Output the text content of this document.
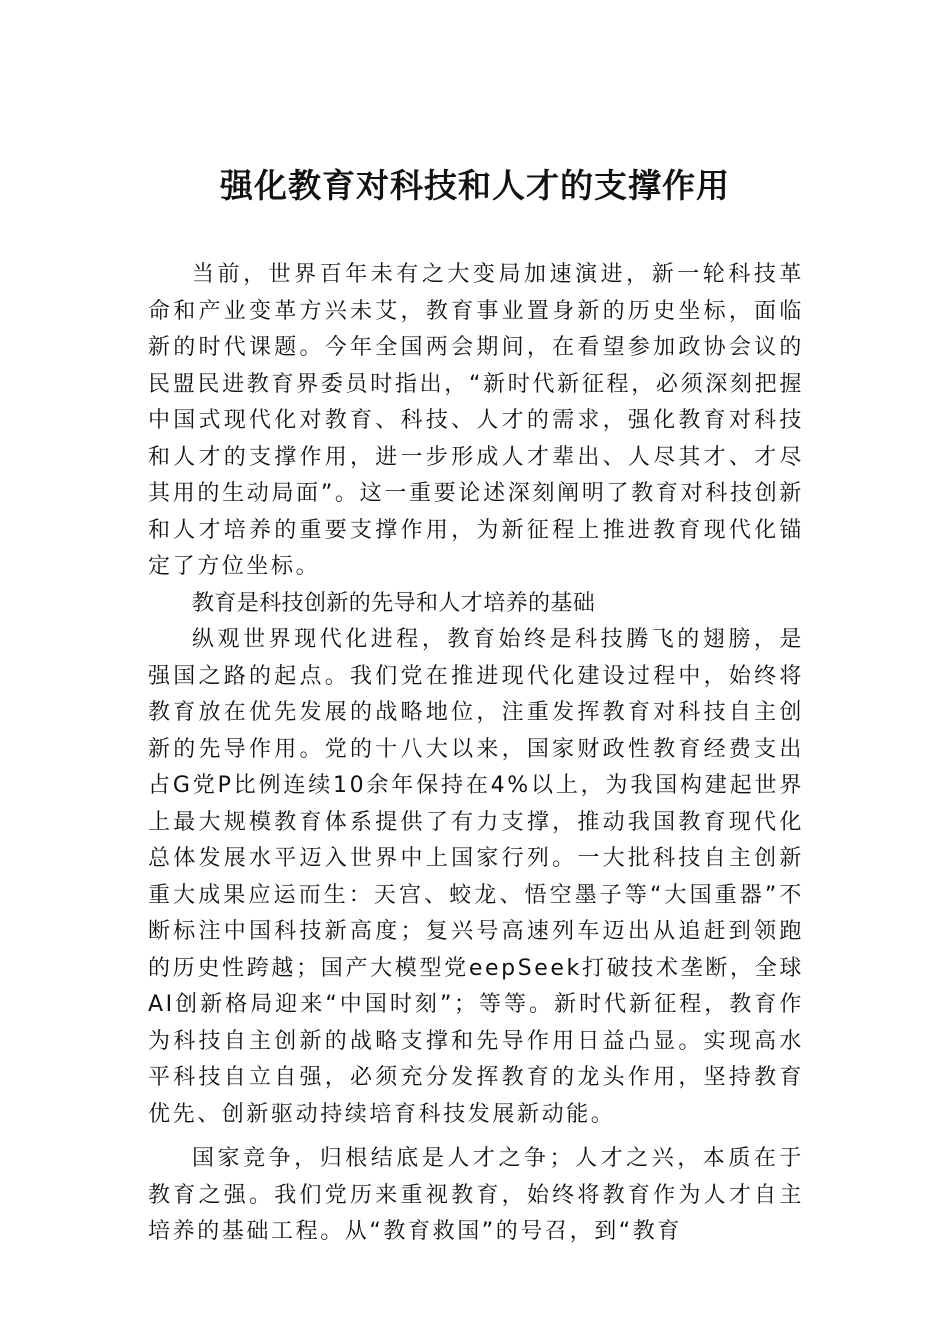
强化教育对科技和人才的支撑作用

当前，世界百年未有之大变局加速演进，新一轮科技革命和产业变革方兴未艾，教育事业置身新的历史坐标，面临新的时代课题。今年全国两会期间，在看望参加政协会议的民盟民进教育界委员时指出，“新时代新征程，必须深刻把握中国式现代化对教育、科技、人才的需求，强化教育对科技和人才的支撑作用，进一步形成人才辈出、人尽其才、才尽其用的生动局面”。这一重要论述深刻阐明了教育对科技创新和人才培养的重要支撑作用，为新征程上推进教育现代化锚定了方位坐标。

教育是科技创新的先导和人才培养的基础

纵观世界现代化进程，教育始终是科技腾飞的翅膀，是强国之路的起点。我们党在推进现代化建设过程中，始终将教育放在优先发展的战略地位，注重发挥教育对科技自主创新的先导作用。党的十八大以来，国家财政性教育经费支出占G党P比例连续10余年保持在4%以上，为我国构建起世界上最大规模教育体系提供了有力支撑，推动我国教育现代化总体发展水平迈入世界中上国家行列。一大批科技自主创新重大成果应运而生：天宫、蛟龙、悟空墨子等“大国重器”不断标注中国科技新高度；复兴号高速列车迈出从追赶到领跑的历史性跨越；国产大模型党eepSeek打破技术垄断，全球AI创新格局迎来“中国时刻”；等等。新时代新征程，教育作为科技自主创新的战略支撑和先导作用日益凸显。实现高水平科技自立自强，必须充分发挥教育的龙头作用，坚持教育优先、创新驱动持续培育科技发展新动能。

国家竞争，归根结底是人才之争；人才之兴，本质在于教育之强。我们党历来重视教育，始终将教育作为人才自主培养的基础工程。从“教育救国”的号召，到“教育
